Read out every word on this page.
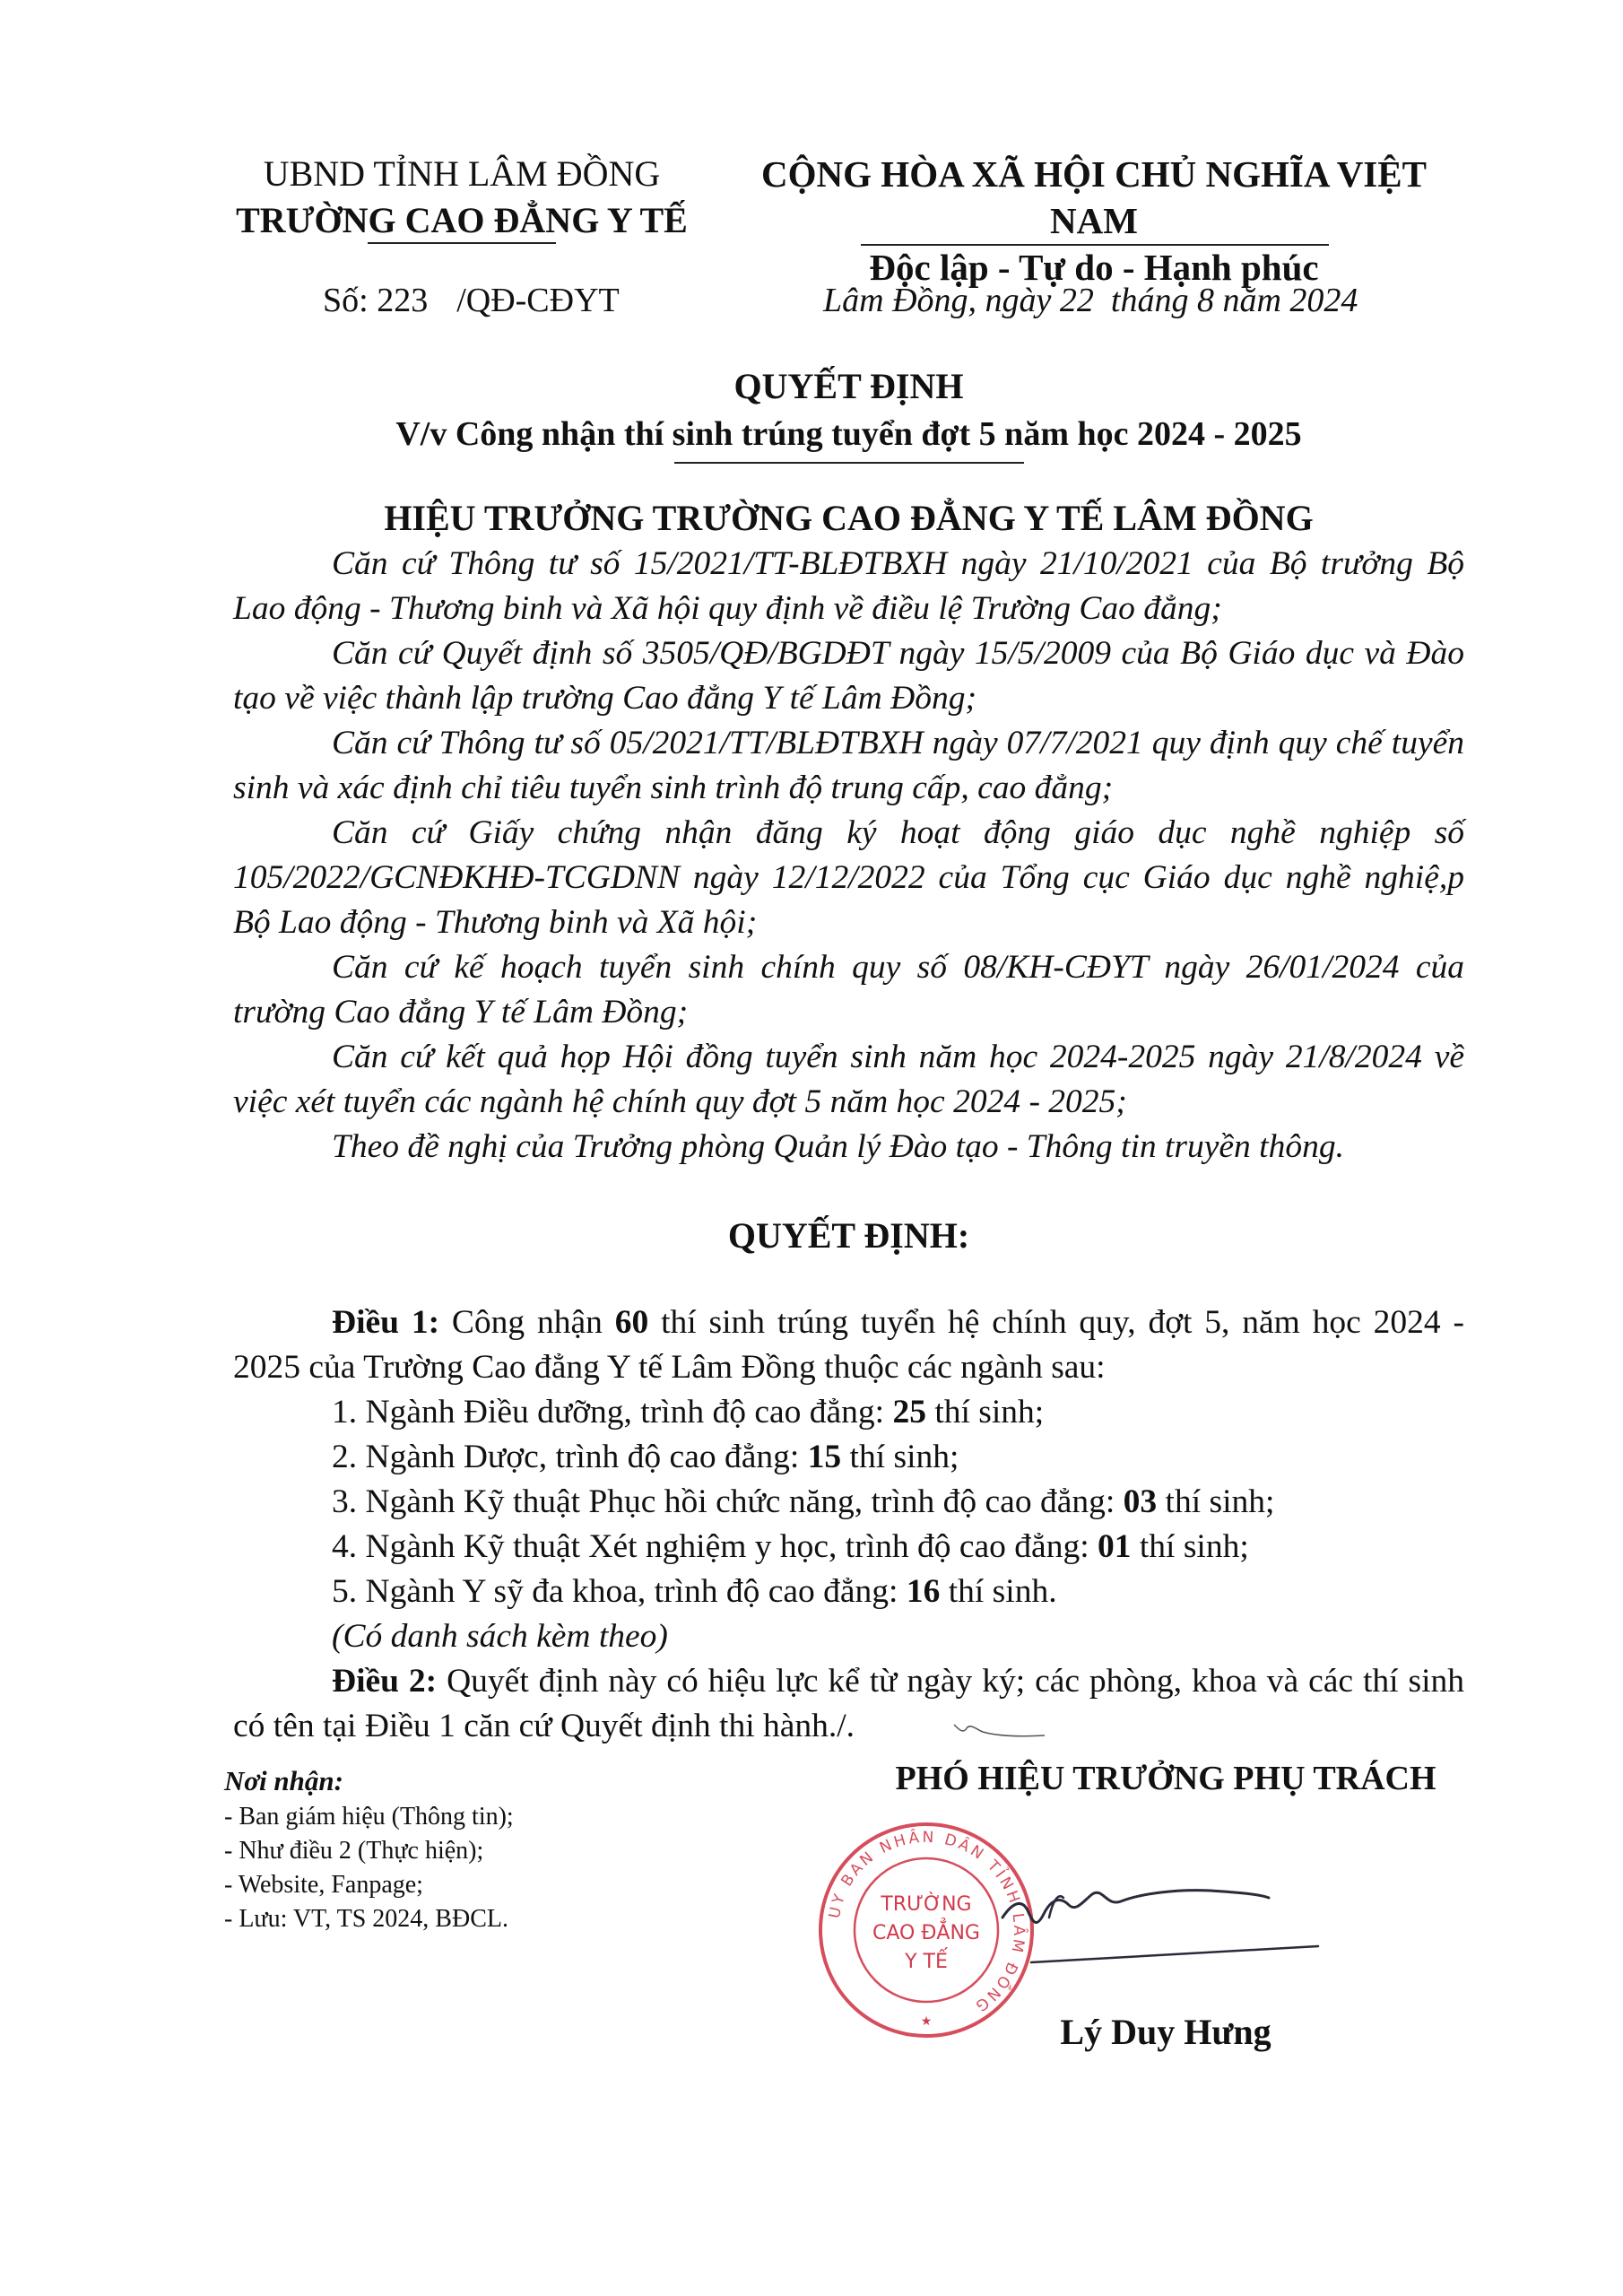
UBND TỈNH LÂM ĐỒNG
TRƯỜNG CAO ĐẲNG Y TẾ
CỘNG HÒA XÃ HỘI CHỦ NGHĨA VIỆT NAM
Độc lập - Tự do - Hạnh phúc
Số: 223 /QĐ-CĐYT	Lâm Đồng, ngày 22  tháng 8 năm 2024
QUYẾT ĐỊNH
V/v Công nhận thí sinh trúng tuyển đợt 5 năm học 2024 - 2025
HIỆU TRƯỞNG TRƯỜNG CAO ĐẲNG Y TẾ LÂM ĐỒNG
Căn cứ Thông tư số 15/2021/TT-BLĐTBXH ngày 21/10/2021 của Bộ trưởng Bộ Lao động - Thương binh và Xã hội quy định về điều lệ Trường Cao đẳng;
Căn cứ Quyết định số 3505/QĐ/BGDĐT ngày 15/5/2009 của Bộ Giáo dục và Đào tạo về việc thành lập trường Cao đẳng Y tế Lâm Đồng;
Căn cứ Thông tư số 05/2021/TT/BLĐTBXH ngày 07/7/2021 quy định quy chế tuyển sinh và xác định chỉ tiêu tuyển sinh trình độ trung cấp, cao đẳng;
Căn cứ Giấy chứng nhận đăng ký hoạt động giáo dục nghề nghiệp số 105/2022/GCNĐKHĐ-TCGDNN ngày 12/12/2022 của Tổng cục Giáo dục nghề nghiệ,p Bộ Lao động - Thương binh và Xã hội;
Căn cứ kế hoạch tuyển sinh chính quy số 08/KH-CĐYT ngày 26/01/2024 của trường Cao đẳng Y tế Lâm Đồng;
Căn cứ kết quả họp Hội đồng tuyển sinh năm học 2024-2025 ngày 21/8/2024 về việc xét tuyển các ngành hệ chính quy đợt 5 năm học 2024 - 2025;
Theo đề nghị của Trưởng phòng Quản lý Đào tạo - Thông tin truyền thông.
QUYẾT ĐỊNH:
Điều 1: Công nhận 60 thí sinh trúng tuyển hệ chính quy, đợt 5, năm học 2024 - 2025 của Trường Cao đẳng Y tế Lâm Đồng thuộc các ngành sau:
1. Ngành Điều dưỡng, trình độ cao đẳng: 25 thí sinh;
2. Ngành Dược, trình độ cao đẳng: 15 thí sinh;
3. Ngành Kỹ thuật Phục hồi chức năng, trình độ cao đẳng: 03 thí sinh;
4. Ngành Kỹ thuật Xét nghiệm y học, trình độ cao đẳng: 01 thí sinh;
5. Ngành Y sỹ đa khoa, trình độ cao đẳng: 16 thí sinh.
(Có danh sách kèm theo)
Điều 2: Quyết định này có hiệu lực kể từ ngày ký; các phòng, khoa và các thí sinh có tên tại Điều 1 căn cứ Quyết định thi hành./.
Nơi nhận:
- Ban giám hiệu (Thông tin);
- Như điều 2 (Thực hiện);
- Website, Fanpage;
- Lưu: VT, TS 2024, BĐCL.
PHÓ HIỆU TRƯỞNG PHỤ TRÁCH
UY BAN NHÂN DÂN TỈNH LÂM ĐỒNG
TRƯỜNG
CAO ĐẲNG
Y TẾ
★	Lý Duy Hưng
